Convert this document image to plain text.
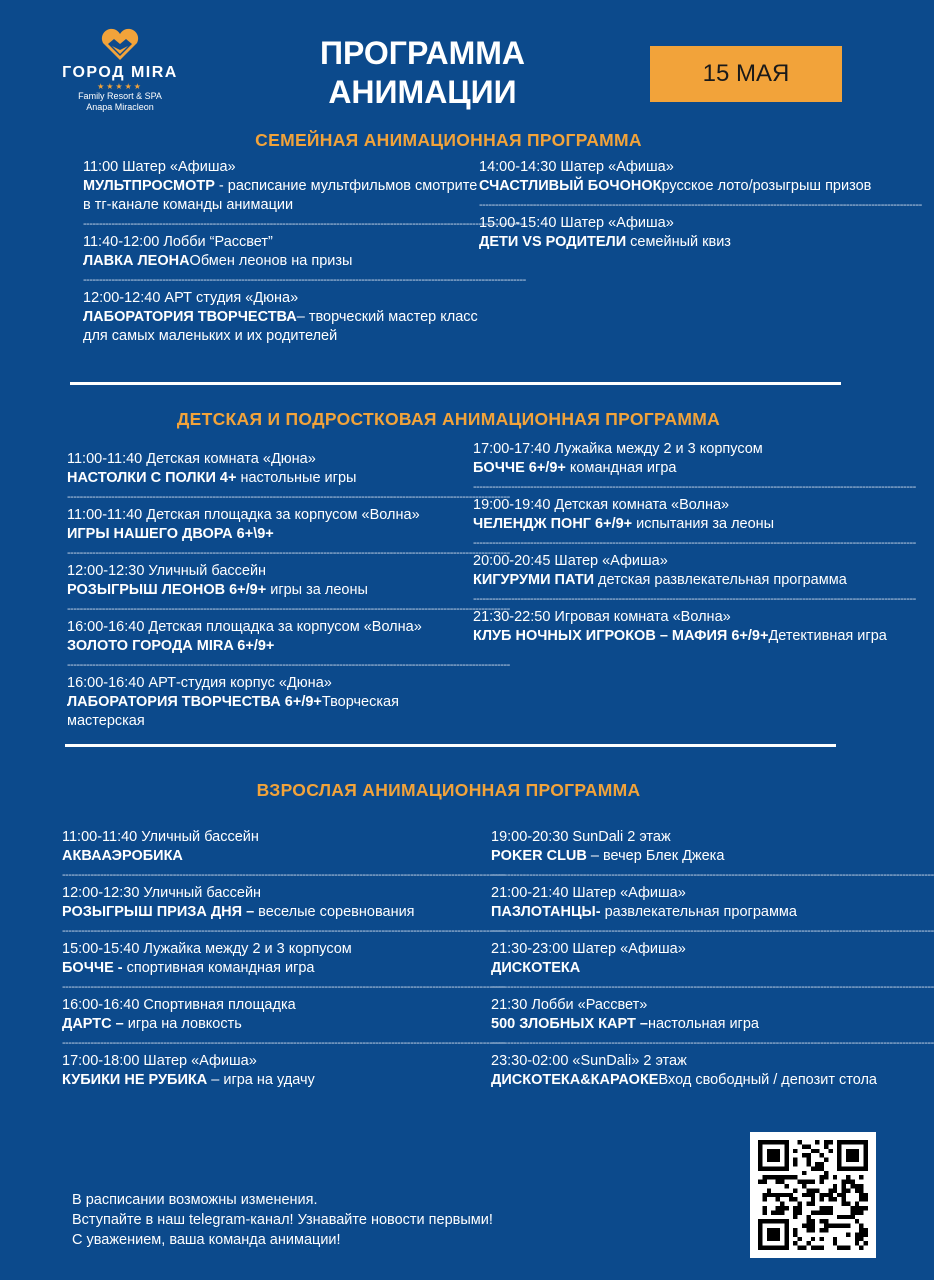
ГОРОД MIRA
★★★★★
Family Resort & SPA
Anapa Miracleon
ПРОГРАММА
АНИМАЦИИ
15 МАЯ
СЕМЕЙНАЯ АНИМАЦИОННАЯ ПРОГРАММА
11:00 Шатер «Афиша»
МУЛЬТПРОСМОТР - расписание мультфильмов смотрите в тг-канале команды анимации
--------------------------------------------------------------------------------------------------------------------------------------------
11:40-12:00 Лобби “Рассвет”
ЛАВКА ЛЕОНАОбмен леонов на призы
--------------------------------------------------------------------------------------------------------------------------------------------
12:00-12:40 АРТ студия «Дюна»
ЛАБОРАТОРИЯ ТВОРЧЕСТВА– творческий мастер класс для самых маленьких и их родителей
14:00-14:30 Шатер «Афиша»
СЧАСТЛИВЫЙ БОЧОНОКрусское лото/розыгрыш призов
--------------------------------------------------------------------------------------------------------------------------------------------
15:00-15:40 Шатер «Афиша»
ДЕТИ VS РОДИТЕЛИ семейный квиз
ДЕТСКАЯ И ПОДРОСТКОВАЯ АНИМАЦИОННАЯ ПРОГРАММА
11:00-11:40 Детская комната «Дюна»
НАСТОЛКИ С ПОЛКИ 4+ настольные игры
--------------------------------------------------------------------------------------------------------------------------------------------
11:00-11:40 Детская площадка за корпусом «Волна»
ИГРЫ НАШЕГО ДВОРА 6+\9+
--------------------------------------------------------------------------------------------------------------------------------------------
12:00-12:30 Уличный бассейн
РОЗЫГРЫШ ЛЕОНОВ 6+/9+ игры за леоны
--------------------------------------------------------------------------------------------------------------------------------------------
16:00-16:40 Детская площадка за корпусом «Волна»
ЗОЛОТО ГОРОДА MIRA 6+/9+
--------------------------------------------------------------------------------------------------------------------------------------------
16:00-16:40 АРТ-студия корпус «Дюна»
ЛАБОРАТОРИЯ ТВОРЧЕСТВА 6+/9+Творческая мастерская
17:00-17:40 Лужайка между 2 и 3 корпусом
БОЧЧЕ 6+/9+ командная игра
--------------------------------------------------------------------------------------------------------------------------------------------
19:00-19:40 Детская комната «Волна»
ЧЕЛЕНДЖ ПОНГ 6+/9+ испытания за леоны
--------------------------------------------------------------------------------------------------------------------------------------------
20:00-20:45 Шатер «Афиша»
КИГУРУМИ ПАТИ детская развлекательная программа
--------------------------------------------------------------------------------------------------------------------------------------------
21:30-22:50 Игровая комната «Волна»
КЛУБ НОЧНЫХ ИГРОКОВ – МАФИЯ 6+/9+Детективная игра
ВЗРОСЛАЯ АНИМАЦИОННАЯ ПРОГРАММА
11:00-11:40 Уличный бассейн
АКВААЭРОБИКА
--------------------------------------------------------------------------------------------------------------------------------------------
12:00-12:30 Уличный бассейн
РОЗЫГРЫШ ПРИЗА ДНЯ – веселые соревнования
--------------------------------------------------------------------------------------------------------------------------------------------
15:00-15:40 Лужайка между 2 и 3 корпусом
БОЧЧЕ - спортивная командная игра
--------------------------------------------------------------------------------------------------------------------------------------------
16:00-16:40 Спортивная площадка
ДАРТС – игра на ловкость
--------------------------------------------------------------------------------------------------------------------------------------------
17:00-18:00 Шатер «Афиша»
КУБИКИ НЕ РУБИКА – игра на удачу
19:00-20:30 SunDali 2 этаж
POKER CLUB – вечер Блек Джека
--------------------------------------------------------------------------------------------------------------------------------------------
21:00-21:40 Шатер «Афиша»
ПАЗЛОТАНЦЫ- развлекательная программа
--------------------------------------------------------------------------------------------------------------------------------------------
21:30-23:00 Шатер «Афиша»
ДИСКОТЕКА
--------------------------------------------------------------------------------------------------------------------------------------------
21:30 Лобби «Рассвет»
500 ЗЛОБНЫХ КАРТ –настольная игра
--------------------------------------------------------------------------------------------------------------------------------------------
23:30-02:00 «SunDali» 2 этаж
ДИСКОТЕКА&КАРАОКЕВход свободный / депозит стола
В расписании возможны изменения.
Вступайте в наш telegram-канал! Узнавайте новости первыми!
С уважением, ваша команда анимации!
